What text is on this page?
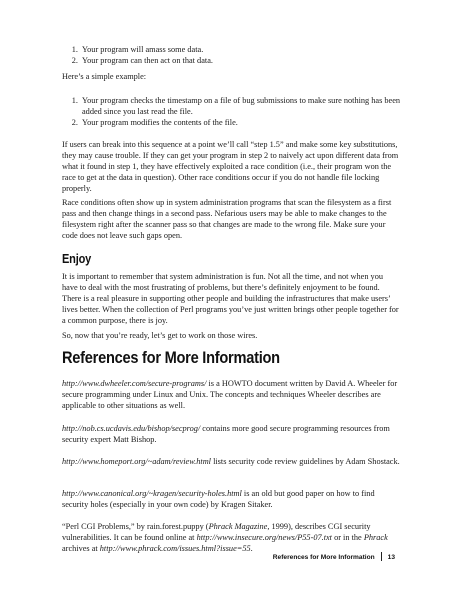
1. Your program will amass some data.
2. Your program can then act on that data.

Here’s a simple example:

1. Your program checks the timestamp on a file of bug submissions to make sure nothing has been added since you last read the file.
2. Your program modifies the contents of the file.

If users can break into this sequence at a point we’ll call “step 1.5” and make some key substitutions, they may cause trouble. If they can get your program in step 2 to naively act upon different data from what it found in step 1, they have effectively exploited a race condition (i.e., their program won the race to get at the data in question). Other race conditions occur if you do not handle file locking properly.

Race conditions often show up in system administration programs that scan the filesystem as a first pass and then change things in a second pass. Nefarious users may be able to make changes to the filesystem right after the scanner pass so that changes are made to the wrong file. Make sure your code does not leave such gaps open.

Enjoy

It is important to remember that system administration is fun. Not all the time, and not when you have to deal with the most frustrating of problems, but there’s definitely enjoyment to be found. There is a real pleasure in supporting other people and building the infrastructures that make users’ lives better. When the collection of Perl programs you’ve just written brings other people together for a common purpose, there is joy.

So, now that you’re ready, let’s get to work on those wires.

References for More Information

http://www.dwheeler.com/secure-programs/ is a HOWTO document written by David A. Wheeler for secure programming under Linux and Unix. The concepts and techniques Wheeler describes are applicable to other situations as well.

http://nob.cs.ucdavis.edu/bishop/secprog/ contains more good secure programming resources from security expert Matt Bishop.

http://www.homeport.org/~adam/review.html lists security code review guidelines by Adam Shostack.

http://www.canonical.org/~kragen/security-holes.html is an old but good paper on how to find security holes (especially in your own code) by Kragen Sitaker.

“Perl CGI Problems,” by rain.forest.puppy (Phrack Magazine, 1999), describes CGI security vulnerabilities. It can be found online at http://www.insecure.org/news/P55-07.txt or in the Phrack archives at http://www.phrack.com/issues.html?issue=55.

References for More Information 13
